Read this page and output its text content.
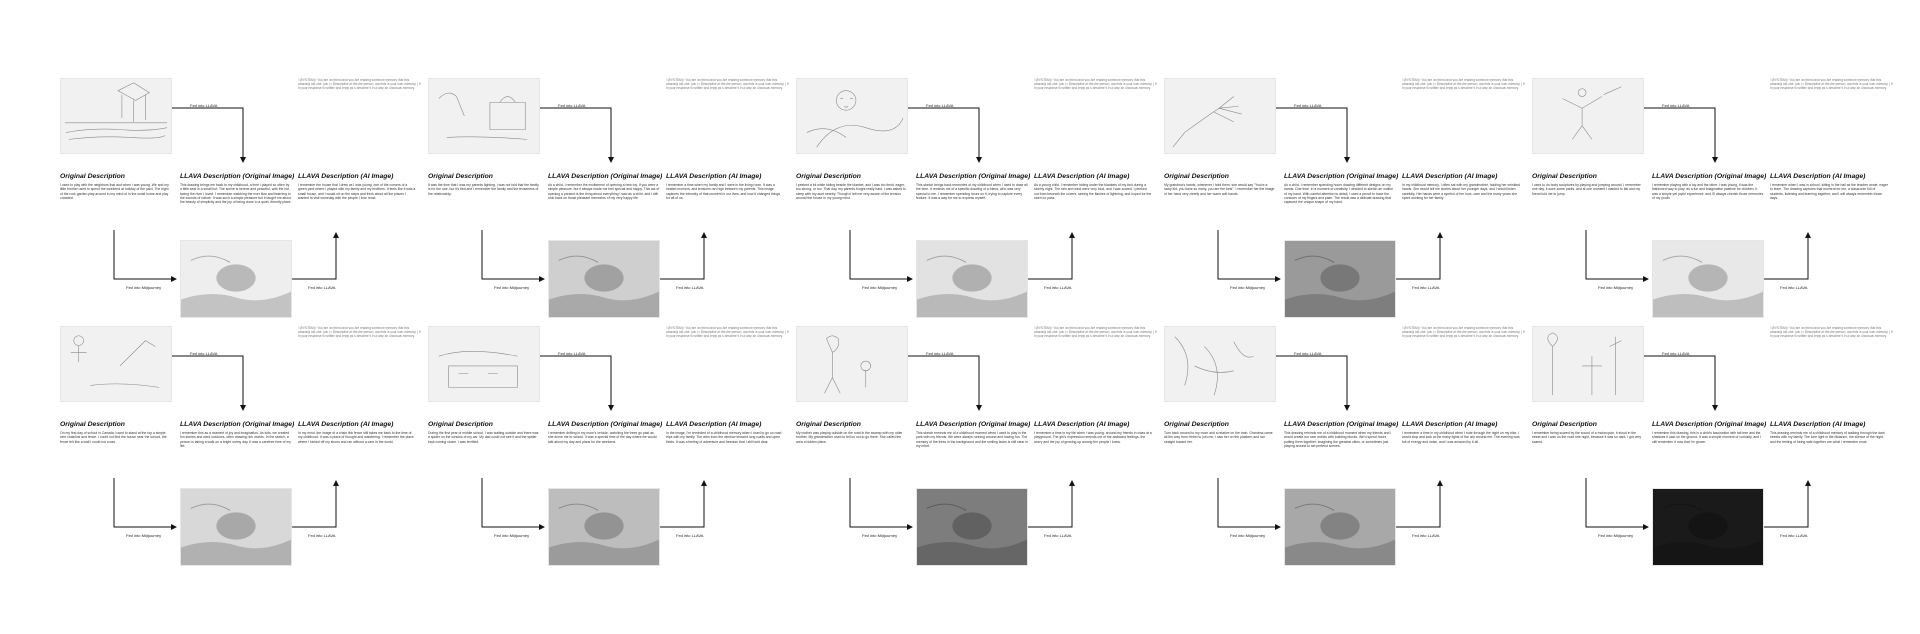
<|SYSTEM|> You are an friend and you are reading someone memory that this amazing old one. you |= Descriptive of the the person, and this is your own memory. | if in your response is written and reply as s describe it in a way an unsusual memory.
Original Description	LLAVA Description (Original Image) LLAVA Description (AI Image)
I used to play with the neighbors that and when I was young. We and my little brother used to spend the weekend at holiday of the yard. The night of the rock garden play around in my mind of in the small home and play crowded.
This drawing brings me back to my childhood, a time I played so often by a little seat in a small hut. The scene is serene and peaceful, with the hut facing the river I loved. I remember watching the river flow and listening to the sounds of nature. It was such a simple pleasure but it taught me about the beauty of simplicity and the joy of being close to a quiet, friendly place.
I remember the house that I drew as I was young, one of the corners of a green yard where I played with my family and my brothers. It feels like it was a small house, and I would sit on the steps and think about all the places I wanted to visit someday with the people I love most.
Fed into LLAVA
Fed into Midjourney	Fed into LLAVA
<|SYSTEM|> You are an friend and you are reading someone memory that this amazing old one. you |= Descriptive of the the person, and this is your own memory. | if in your response is written and reply as s describe it in a way an unsusual memory.
Original Description	LLAVA Description (Original Image) LLAVA Description (AI Image)
It was the time that I was my parents fighting. I was not told that the family is for the one, but it's tied and I remember the family and the tenseness of the relationship.
As a child, I remember the excitement of opening a new toy. If you were a simple pleasure, but it always made me feel special and happy. This act of opening a present is the thing about everything I saw as a child, and I still look back on those pleasant memories of my very happy life.
I remember a time when my family and I were in the living room. It was a heated moment, and tensions ran high between my parents. This image captures the intensity of that moment in our lives, and how it changed things for all of us.
Fed into LLAVA
Fed into Midjourney	Fed into LLAVA
<|SYSTEM|> You are an friend and you are reading someone memory that this amazing old one. you |= Descriptive of the the person, and this is your own memory. | if in your response is written and reply as s describe it in a way an unsusual memory.
Original Description	LLAVA Description (Original Image) LLAVA Description (AI Image)
I peeked a lot while hiding beside the blanket, and I was too timid, eager, too strong, or too. That day, my parents fought really hard. I was asked to sleep with my aunt nearby. Though it left me very aware of the tension around the house in my young mind.
This sketch brings back memories of my childhood when I used to draw all the time. It reminds me of a specific drawing of a friend, who was very special to me. I remember spending hours on it, trying to capture every feature. It was a way for me to express myself.
As a young child, I remember hiding under the blankets of my bed during a stormy night. The rain and wind were very loud, and I was scared. I peeked out from beneath the covers, seeing the flashes of lightning, and hoped for the storm to pass.
Fed into LLAVA
Fed into Midjourney	Fed into LLAVA
<|SYSTEM|> You are an friend and you are reading someone memory that this amazing old one. you |= Descriptive of the the person, and this is your own memory. | if in your response is written and reply as s describe it in a way an unsusual memory.
Original Description	LLAVA Description (Original Image) LLAVA Description (AI Image)
My grandma's hands, whenever I hold them, she would say "You're a lucky kid, you have so many, you are the best". I remember her the image of her hand very clearly and her warm soft hands.
As a child, I remember spending hours drawing different designs on my hands. One time, in a moment of creativity, I decided to sketch an outline of my hand. With careful attention to detail, I used a pencil to trace the contours of my fingers and palm. The result was a delicate drawing that captured the unique shape of my hand.
In my childhood memory, I often sat with my grandmother, holding her wrinkled hands. She would tell me stories about her younger days, and I would listen carefully. Her hands were a symbol of her love, care and the many years she spent working for her family.
Fed into LLAVA
Fed into Midjourney	Fed into LLAVA
<|SYSTEM|> You are an friend and you are reading someone memory that this amazing old one. you |= Descriptive of the the person, and this is your own memory. | if in your response is written and reply as s describe it in a way an unsusual memory.
Original Description	LLAVA Description (Original Image) LLAVA Description (AI Image)
I used to do body sculptures by playing and jumping around. I remember one day, it wore some pants, and at one moment I wanted to fall and my friend told me to jump.
I remember playing with a toy and the other. I was young, it was the fashioned way to play, as a fun and imaginative pastime for children. It was a simple yet joyful experience, and I'll always cherish those memories of my youth.
I remember when I was in school, sitting in the hall as the teacher wrote, eager to learn. The drawing captures that moment for me, a classroom full of students, listening and learning together, and I will always remember those days.
Fed into LLAVA
Fed into Midjourney	Fed into LLAVA
<|SYSTEM|> You are an friend and you are reading someone memory that this amazing old one. you |= Descriptive of the the person, and this is your own memory. | if in your response is written and reply as s describe it in a way an unsusual memory.
Original Description	LLAVA Description (Original Image) LLAVA Description (AI Image)
On my first day of school in Canada I used to stand at the top a simple wire chainlink and fence. I could not find the house near the school, the fence felt like a wall I could not cross.
I remember this as a moment of joy and imagination. As kids, we created fun stories and went outdoors, often drawing rich worlds. In the sketch, a person is taking a walk on a bright sunny day. It was a carefree time of my life.
In my mind, the image of a chain link fence still takes me back to the time of my childhood. It was a place of thought and wandering. I remember the place where I kicked off my shoes and ran without a care in the world.
Fed into LLAVA
Fed into Midjourney	Fed into LLAVA
<|SYSTEM|> You are an friend and you are reading someone memory that this amazing old one. you |= Descriptive of the the person, and this is your own memory. | if in your response is written and reply as s describe it in a way an unsusual memory.
Original Description	LLAVA Description (Original Image) LLAVA Description (AI Image)
During the first year of middle school, I was waiting outside and there was a spider on the window of my car. My dad could not see it and the spider kept coming closer. I was terrified.
I remember drifting in my mom's vehicle, watching the trees go past as she drove me to school. It was a special time of the day where we would talk about my day and plans for the weekend.
In the image, I'm reminded of a childhood memory when I used to go on road trips with my family. The view from the window showed long roads and open fields. It was a feeling of adventure and freedom that I still hold dear.
Fed into LLAVA
Fed into Midjourney	Fed into LLAVA
<|SYSTEM|> You are an friend and you are reading someone memory that this amazing old one. you |= Descriptive of the the person, and this is your own memory. | if in your response is written and reply as s describe it in a way an unsusual memory.
Original Description	LLAVA Description (Original Image) LLAVA Description (AI Image)
My mother was playing outside on the road in the swamp with my older brother. My grandmother used to tell us not to go there. She called the area a hidden place.
This sketch reminds me of a childhood moment when I used to play in the park with my friends. We were always running around and having fun. The memory of the trees in the background and the smiling faces is still clear in my mind.
I remember a time in my life when I was young, around my friends in class at a playground. The girl's expression reminds me of the awkward feelings, the worry and the joy of growing up among the people I knew.
Fed into LLAVA
Fed into Midjourney	Fed into LLAVA
<|SYSTEM|> You are an friend and you are reading someone memory that this amazing old one. you |= Descriptive of the the person, and this is your own memory. | if in your response is written and reply as s describe it in a way an unsusual memory.
Original Description	LLAVA Description (Original Image) LLAVA Description (AI Image)
Turn back around to my mom and a relative on the train. Grandma came all the way from Hebei to join me, I saw her on the platform and ran straight toward her.
This drawing reminds me of a childhood moment when my friends and I would create our own worlds with building blocks. We'd spend hours putting them together, imagining the greatest cities, or sometimes just playing around to set pretend scenes.
I remember a time in my childhood when I rode through the night on my bike. I would stop and look at the many lights of the city around me. The evening was full of energy and noise, and I was amazed by it all.
Fed into LLAVA
Fed into Midjourney	Fed into LLAVA
<|SYSTEM|> You are an friend and you are reading someone memory that this amazing old one. you |= Descriptive of the the person, and this is your own memory. | if in your response is written and reply as s describe it in a way an unsusual memory.
Original Description	LLAVA Description (Original Image) LLAVA Description (AI Image)
I remember being scared by the sound of a motorcycle, it stood in the street and I was on the road one night, because it was so dark, I got very scared.
I remember this drawing, this is a child's fascination with tall tree and the shadows it cast on the ground. It was a simple moment of curiosity, and I still remember it now that I'm grown.
This drawing reminds me of a childhood memory of walking through the dark streets with my family. The lone light in the distance, the silence of the night, and the feeling of being safe together are what I remember most.
Fed into LLAVA
Fed into Midjourney	Fed into LLAVA
